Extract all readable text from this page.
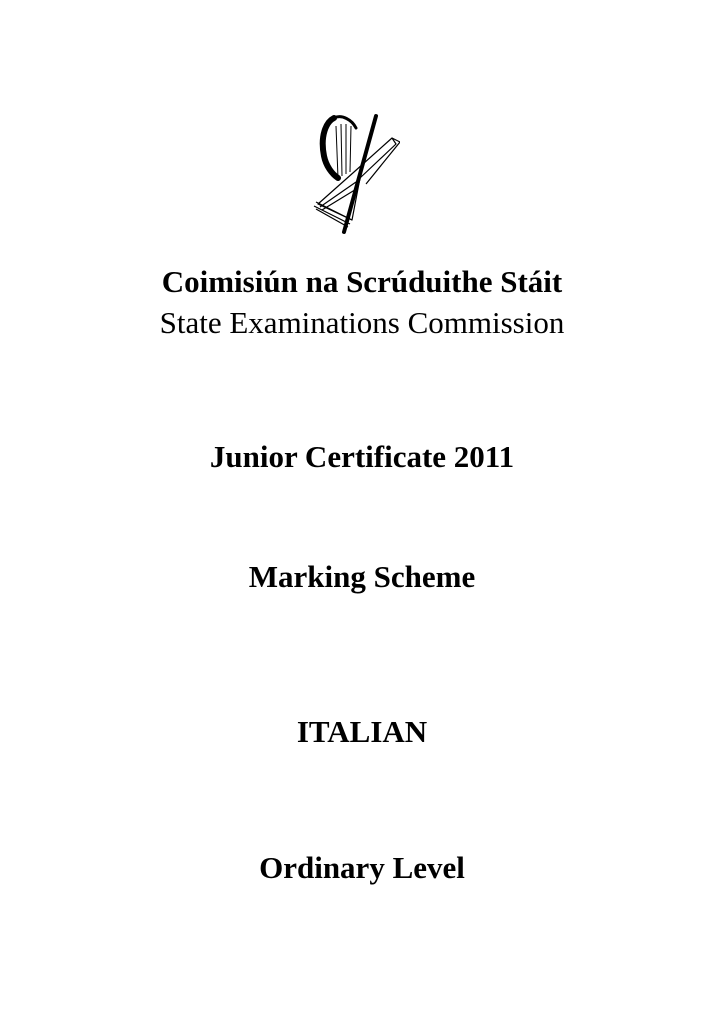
Coimisiún na Scrúduithe Stáit

State Examinations Commission

Junior Certificate 2011

Marking Scheme

ITALIAN

Ordinary Level
